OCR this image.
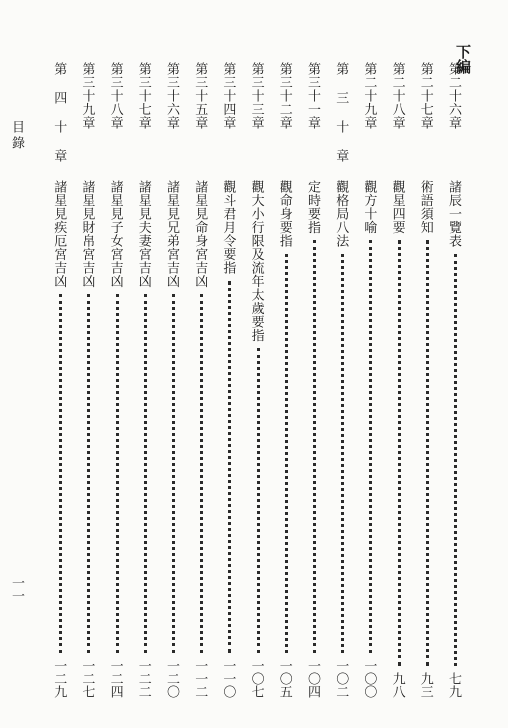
下編
第二十六章
諸辰一覽表
七九
第二十七章
術語須知
九三
第二十八章
觀星四要
九八
第二十九章
觀方十喻
一〇〇
第 三 十 章
觀格局八法
一〇二
第三十一章
定時要指
一〇四
第三十二章
觀命身要指
一〇五
第三十三章
觀大小行限及流年太歲要指
一〇七
第三十四章
觀斗君月令要指
一一〇
第三十五章
諸星見命身宮吉凶
一一二
第三十六章
諸星見兄弟宮吉凶
一二〇
第三十七章
諸星見夫妻宮吉凶
一二二
第三十八章
諸星見子女宮吉凶
一二四
第三十九章
諸星見財帛宮吉凶
一二七
第 四 十 章
諸星見疾厄宮吉凶
一二九
目錄
一一
